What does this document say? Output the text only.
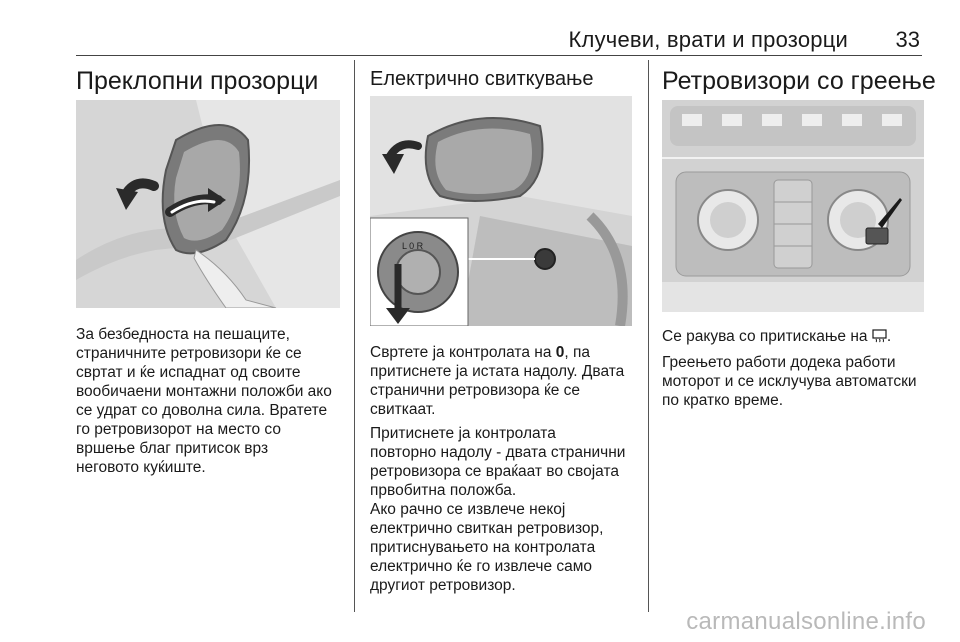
Клучеви, врати и прозорци 33
Преклопни прозорци
За безбедноста на пешаците,
страничните ретровизори ќе се
свртат и ќе испаднат од своите
вообичаени монтажни положби ако
се удрат со доволна сила. Вратете
го ретровизорот на место со
вршење благ притисок врз
неговото куќиште.
Електрично свиткување
L 0 R
Свртете ја контролата на 0, па
притиснете ја истата надолу. Двата
странични ретровизора ќе се
свиткаат.
Притиснете ја контролата
повторно надолу - двата странични
ретровизора се враќаат во својата
првобитна положба.
Ако рачно се извлече некој
електрично свиткан ретровизор,
притиснувањето на контролата
електрично ќе го извлече само
другиот ретровизор.
Ретровизори со греење
Се ракува со притискање на .
Греењето работи додека работи
моторот и се исклучува автоматски
по кратко време.
carmanualsonline.info
